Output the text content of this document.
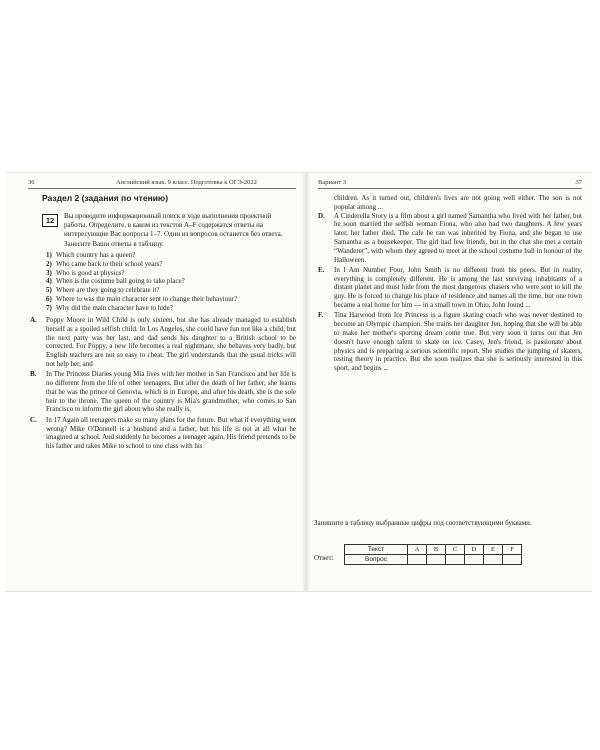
36	Английский язык. 9 класс. Подготовка к ОГЭ-2022
Раздел 2 (задания по чтению)
12	Вы проводите информационный поиск в ходе выполнения проектной работы. Определите, в каком из текстов A–F содержатся ответы на интересующие Вас вопросы 1–7. Один из вопросов останется без ответа. Занесите Ваши ответы в таблицу.
1) Which country has a queen?
2) Who came back to their school years?
3) Who is good at physics?
4) When is the costume ball going to take place?
5) Where are they going to celebrate it?
6) Where to was the main character sent to change their behaviour?
7) Why did the main character have to hide?
A. Poppy Moore in Wild Child is only sixteen, but she has already managed to establish herself as a spoiled selfish child. In Los Angeles, she could have fun not like a child, but the next party was her last, and dad sends his daughter to a British school to be corrected. For Poppy, a new life becomes a real nightmare, she behaves very badly, but English teachers are not so easy to cheat. The girl understands that the usual tricks will not help her, and
B. In The Princess Diaries young Mia lives with her mother in San Francisco and her life is no different from the life of other teenagers. But after the death of her father, she learns that he was the prince of Genovia, which is in Europe, and after his death, she is the sole heir to the throne. The queen of the country is Mia's grandmother, who comes to San Francisco to inform the girl about who she really is.
C. In 17 Again all teenagers make so many plans for the future. But what if everything went wrong? Mike O'Donnell is a husband and a father, but his life is not at all what he imagined at school. And suddenly he becomes a teenager again. His friend pretends to be his father and takes Mike to school to one class with his
Вариант 3	37
children. As it turned out, children's lives are not going well either. The son is not popular among ...
D. A Cinderella Story is a film about a girl named Samantha who lived with her father, but he soon married the selfish woman Fiona, who also had two daughters. A few years later, her father died. The cafe he ran was inherited by Fiona, and she began to use Samantha as a housekeeper. The girl had few friends, but in the chat she met a certain “Wanderer”, with whom they agreed to meet at the school costume ball in honour of the Halloween.
E. In I Am Number Four, John Smith is no different from his peers. But in reality, everything is completely different. He is among the last surviving inhabitants of a distant planet and must hide from the most dangerous chasers who were sent to kill the guy. He is forced to change his place of residence and names all the time, but one town became a real home for him — in a small town in Ohio, John found ...
F. Tina Harwood from Ice Princess is a figure skating coach who was never destined to become an Olympic champion. She trains her daughter Jen, hoping that she will be able to make her mother's sporting dream come true. But very soon it turns out that Jen doesn't have enough talent to skate on ice. Casey, Jen's friend, is passionate about physics and is preparing a serious scientific report. She studies the jumping of skaters, testing theory in practice. But she soon realizes that she is seriously interested in this sport, and begins ...
Запишите в таблицу выбранные цифры под соответствующими буквами.
Ответ:
Текст	A	B	C	D	E	F
Вопрос						
